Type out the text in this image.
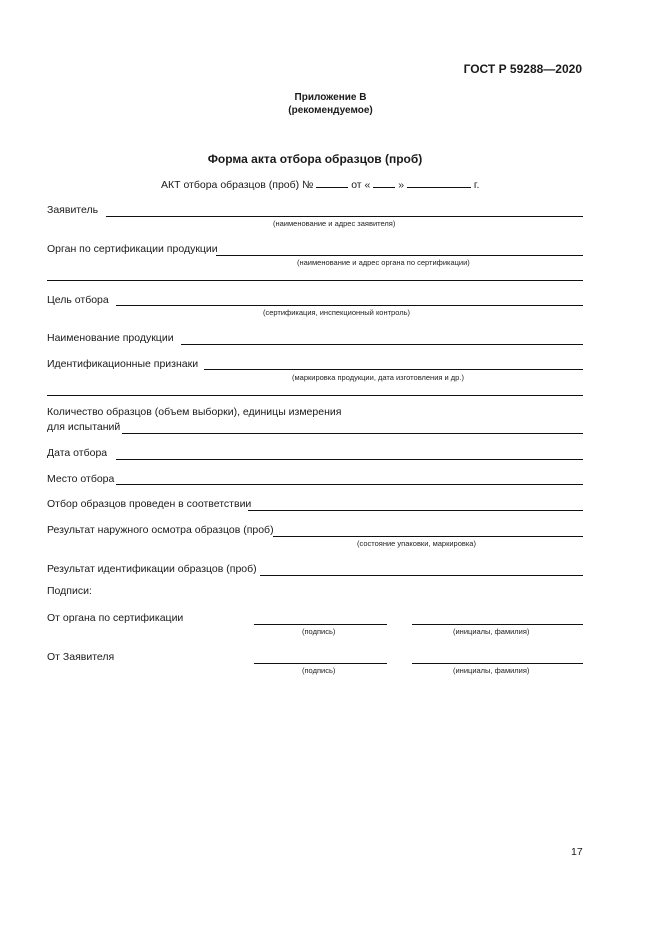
ГОСТ Р 59288—2020
Приложение В
(рекомендуемое)
Форма акта отбора образцов (проб)
АКТ отбора образцов (проб) №	от «	»	г.
Заявитель
(наименование и адрес заявителя)
Орган по сертификации продукции
(наименование и адрес органа по сертификации)
Цель отбора
(сертификация, инспекционный контроль)
Наименование продукции
Идентификационные признаки
(маркировка продукции, дата изготовления и др.)
Количество образцов (объем выборки), единицы измерения
для испытаний
Дата отбора
Место отбора
Отбор образцов проведен в соответствии
Результат наружного осмотра образцов (проб)
(состояние упаковки, маркировка)
Результат идентификации образцов (проб)
Подписи:
От органа по сертификации
(подпись)	(инициалы, фамилия)
От Заявителя
(подпись)	(инициалы, фамилия)
17
